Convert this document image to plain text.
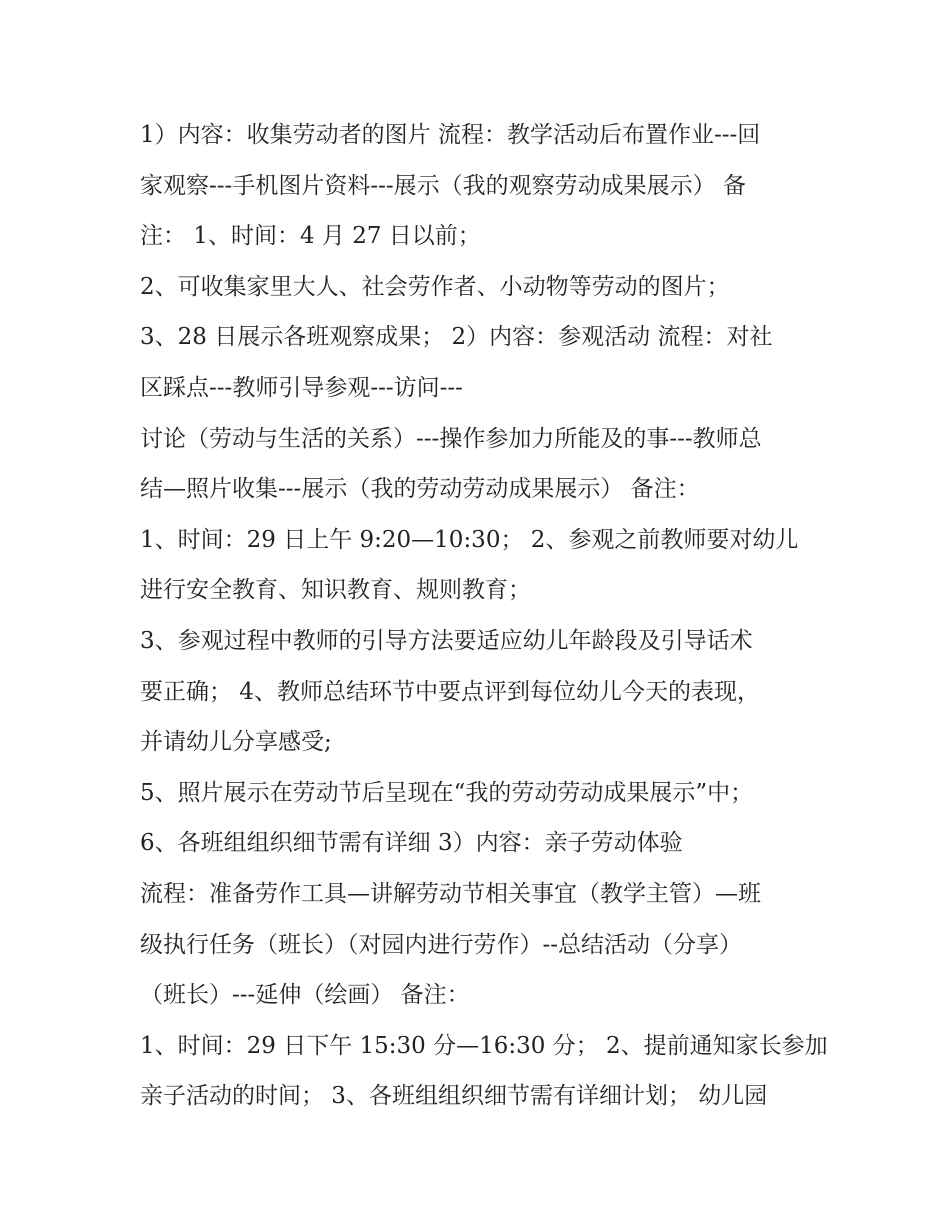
1）内容：收集劳动者的图片 流程：教学活动后布置作业---回
家观察---手机图片资料---展示（我的观察劳动成果展示） 备
注： 1、时间：4 月 27 日以前；
2、可收集家里大人、社会劳作者、小动物等劳动的图片；
3、28 日展示各班观察成果； 2）内容：参观活动 流程：对社
区踩点---教师引导参观---访问---
讨论（劳动与生活的关系）---操作参加力所能及的事---教师总
结—照片收集---展示（我的劳动劳动成果展示） 备注：
1、时间：29 日上午 9:20—10:30； 2、参观之前教师要对幼儿
进行安全教育、知识教育、规则教育；
3、参观过程中教师的引导方法要适应幼儿年龄段及引导话术
要正确； 4、教师总结环节中要点评到每位幼儿今天的表现，
并请幼儿分享感受;
5、照片展示在劳动节后呈现在“我的劳动劳动成果展示”中；
6、各班组组织细节需有详细 3）内容：亲子劳动体验
流程：准备劳作工具—讲解劳动节相关事宜（教学主管）—班
级执行任务（班长）（对园内进行劳作）--总结活动（分享）
（班长）---延伸（绘画） 备注：
1、时间：29 日下午 15:30 分—16:30 分； 2、提前通知家长参加
亲子活动的时间； 3、各班组组织细节需有详细计划； 幼儿园
